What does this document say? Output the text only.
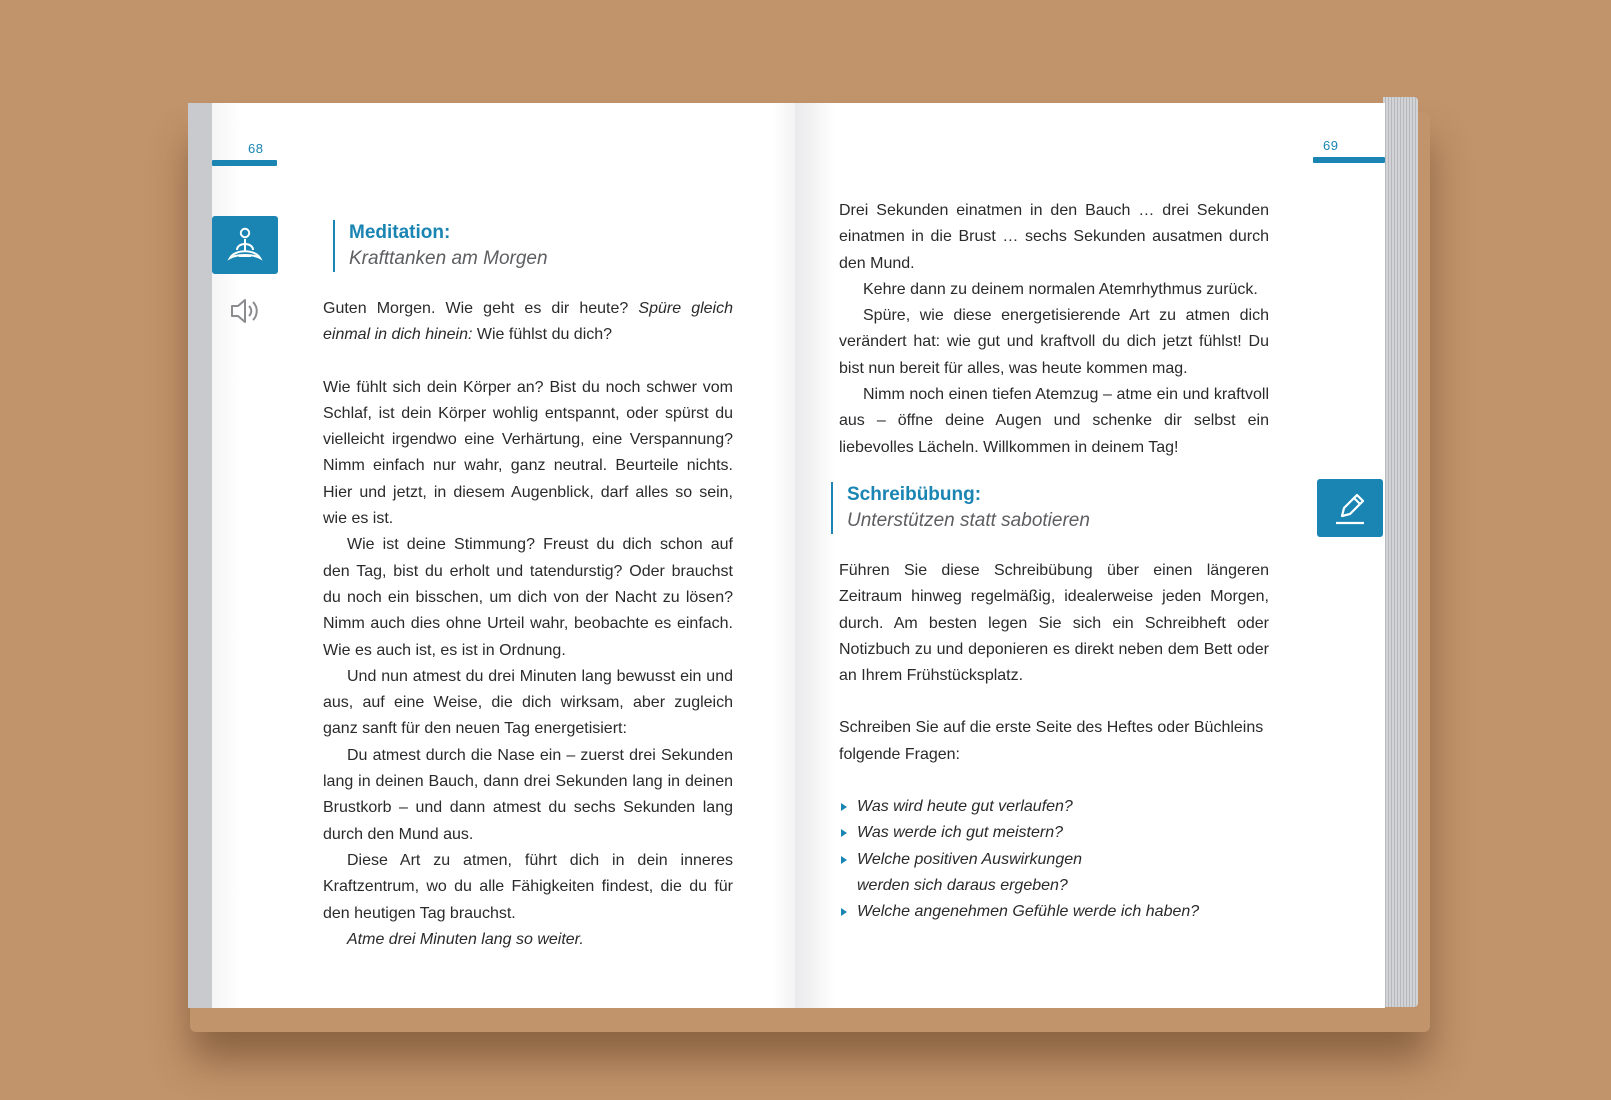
68
Meditation:
Krafttanken am Morgen

Guten Morgen. Wie geht es dir heute? Spüre gleich einmal in dich hinein: Wie fühlst du dich?

Wie fühlt sich dein Körper an? Bist du noch schwer vom Schlaf, ist dein Körper wohlig entspannt, oder spürst du vielleicht irgendwo eine Verhärtung, eine Verspannung? Nimm einfach nur wahr, ganz neutral. Beurteile nichts. Hier und jetzt, in diesem Augenblick, darf alles so sein, wie es ist.

Wie ist deine Stimmung? Freust du dich schon auf den Tag, bist du erholt und tatendurstig? Oder brauchst du noch ein bisschen, um dich von der Nacht zu lösen? Nimm auch dies ohne Urteil wahr, beobachte es einfach. Wie es auch ist, es ist in Ordnung.

Und nun atmest du drei Minuten lang bewusst ein und aus, auf eine Weise, die dich wirksam, aber zugleich ganz sanft für den neuen Tag energetisiert:

Du atmest durch die Nase ein – zuerst drei Sekunden lang in deinen Bauch, dann drei Sekunden lang in deinen Brustkorb – und dann atmest du sechs Sekunden lang durch den Mund aus.

Diese Art zu atmen, führt dich in dein inneres Kraftzentrum, wo du alle Fähigkeiten findest, die du für den heutigen Tag brauchst.

Atme drei Minuten lang so weiter.

69

Drei Sekunden einatmen in den Bauch … drei Sekunden einatmen in die Brust … sechs Sekunden ausatmen durch den Mund.

Kehre dann zu deinem normalen Atemrhythmus zurück.

Spüre, wie diese energetisierende Art zu atmen dich verändert hat: wie gut und kraftvoll du dich jetzt fühlst! Du bist nun bereit für alles, was heute kommen mag.

Nimm noch einen tiefen Atemzug – atme ein und kraftvoll aus – öffne deine Augen und schenke dir selbst ein liebevolles Lächeln. Willkommen in deinem Tag!

Schreibübung:
Unterstützen statt sabotieren

Führen Sie diese Schreibübung über einen längeren Zeitraum hinweg regelmäßig, idealerweise jeden Morgen, durch. Am besten legen Sie sich ein Schreibheft oder Notizbuch zu und deponieren es direkt neben dem Bett oder an Ihrem Frühstücksplatz.

Schreiben Sie auf die erste Seite des Heftes oder Büchleins folgende Fragen:

Was wird heute gut verlaufen?
Was werde ich gut meistern?
Welche positiven Auswirkungen werden sich daraus ergeben?
Welche angenehmen Gefühle werde ich haben?
